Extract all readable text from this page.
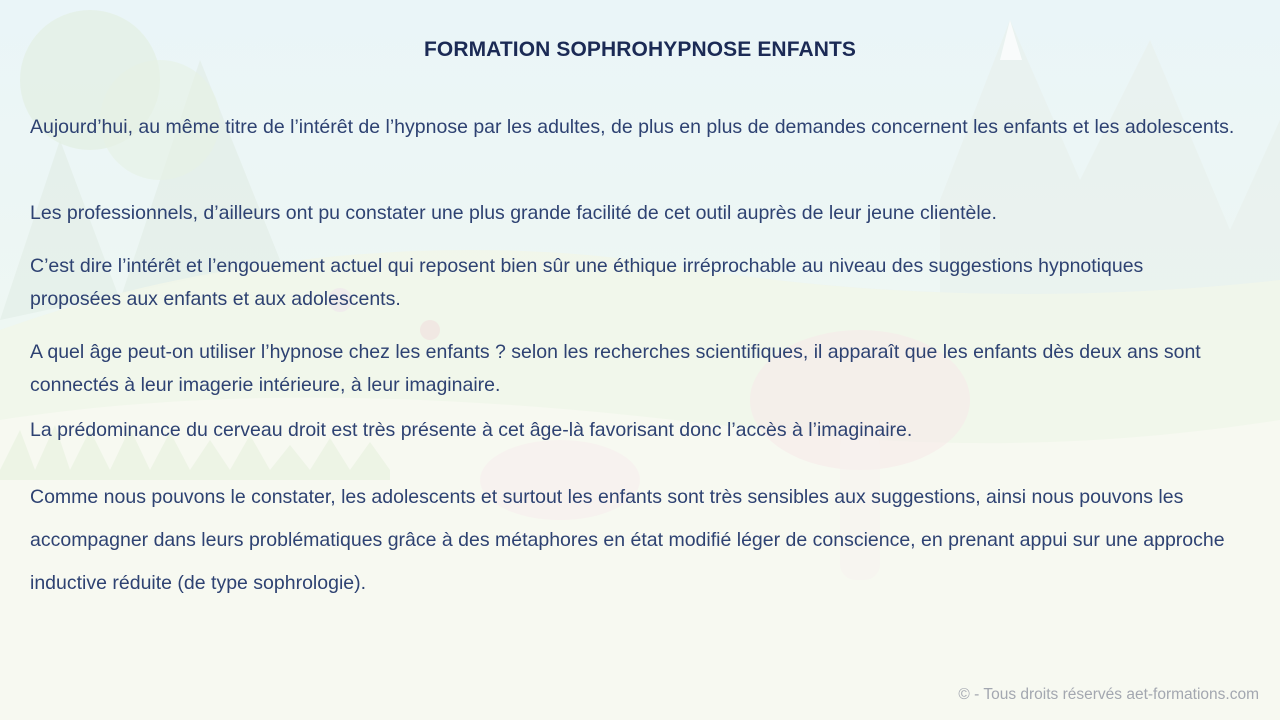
FORMATION SOPHROHYPNOSE ENFANTS

Aujourd’hui, au même titre de l’intérêt de l’hypnose par les adultes, de plus en plus de demandes concernent les enfants et les adolescents.

Les professionnels, d’ailleurs ont pu constater une plus grande facilité de cet outil auprès de leur jeune clientèle.

C’est dire l’intérêt et l’engouement actuel qui reposent bien sûr une éthique irréprochable au niveau des suggestions hypnotiques proposées aux enfants et aux adolescents.

A quel âge peut-on utiliser l’hypnose chez les enfants ? selon les recherches scientifiques, il apparaît que les enfants dès deux ans sont connectés à leur imagerie intérieure, à leur imaginaire.

La prédominance du cerveau droit est très présente à cet âge-là favorisant donc l’accès à l’imaginaire.

Comme nous pouvons le constater, les adolescents et surtout les enfants sont très sensibles aux suggestions, ainsi nous pouvons les accompagner dans leurs problématiques grâce à des métaphores en état modifié léger de conscience, en prenant appui sur une approche inductive réduite (de type sophrologie).

© - Tous droits réservés aet-formations.com
